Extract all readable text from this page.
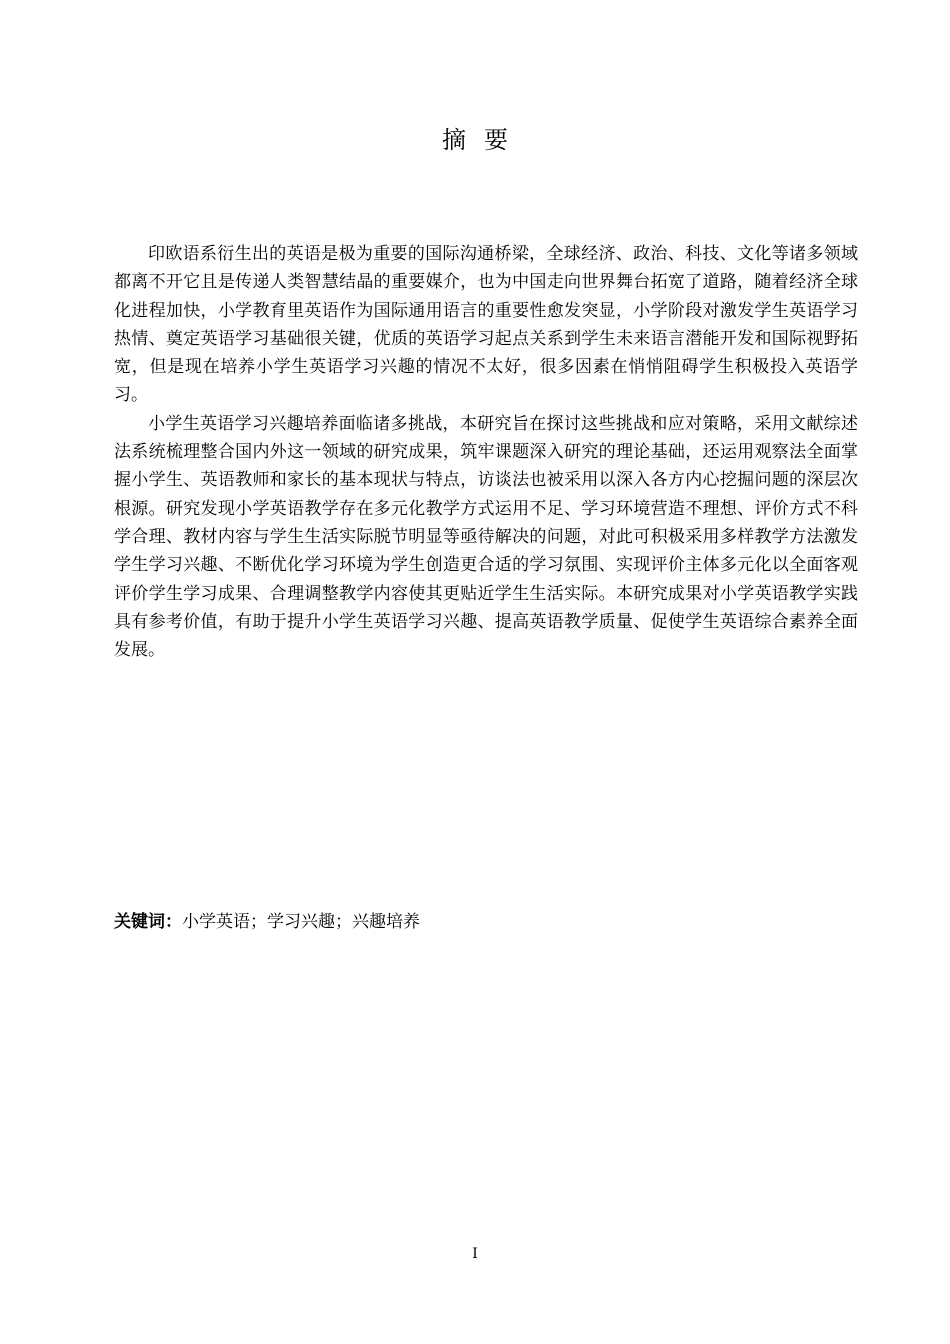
摘要

印欧语系衍生出的英语是极为重要的国际沟通桥梁，全球经济、政治、科技、文化等诸多领域都离不开它且是传递人类智慧结晶的重要媒介，也为中国走向世界舞台拓宽了道路，随着经济全球化进程加快，小学教育里英语作为国际通用语言的重要性愈发突显，小学阶段对激发学生英语学习热情、奠定英语学习基础很关键，优质的英语学习起点关系到学生未来语言潜能开发和国际视野拓宽，但是现在培养小学生英语学习兴趣的情况不太好，很多因素在悄悄阻碍学生积极投入英语学习。

小学生英语学习兴趣培养面临诸多挑战，本研究旨在探讨这些挑战和应对策略，采用文献综述法系统梳理整合国内外这一领域的研究成果，筑牢课题深入研究的理论基础，还运用观察法全面掌握小学生、英语教师和家长的基本现状与特点，访谈法也被采用以深入各方内心挖掘问题的深层次根源。研究发现小学英语教学存在多元化教学方式运用不足、学习环境营造不理想、评价方式不科学合理、教材内容与学生生活实际脱节明显等亟待解决的问题，对此可积极采用多样教学方法激发学生学习兴趣、不断优化学习环境为学生创造更合适的学习氛围、实现评价主体多元化以全面客观评价学生学习成果、合理调整教学内容使其更贴近学生生活实际。本研究成果对小学英语教学实践具有参考价值，有助于提升小学生英语学习兴趣、提高英语教学质量、促使学生英语综合素养全面发展。

关键词：小学英语；学习兴趣；兴趣培养
I
